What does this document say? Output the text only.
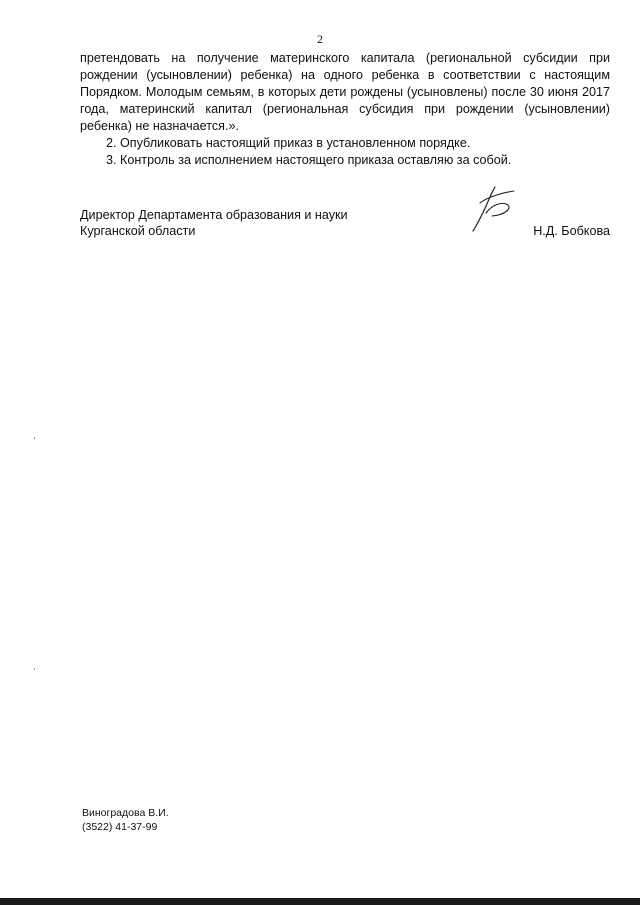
2

претендовать на получение материнского капитала (региональной субсидии при рождении (усыновлении) ребенка) на одного ребенка в соответствии с настоящим Порядком. Молодым семьям, в которых дети рождены (усыновлены) после 30 июня 2017 года, материнский капитал (региональная субсидия при рождении (усыновлении) ребенка) не назначается.».

2. Опубликовать настоящий приказ в установленном порядке.

3. Контроль за исполнением настоящего приказа оставляю за собой.

Директор Департамента образования и науки
Курганской области	Н.Д. Бобкова
Виноградова В.И.
(3522) 41-37-99
